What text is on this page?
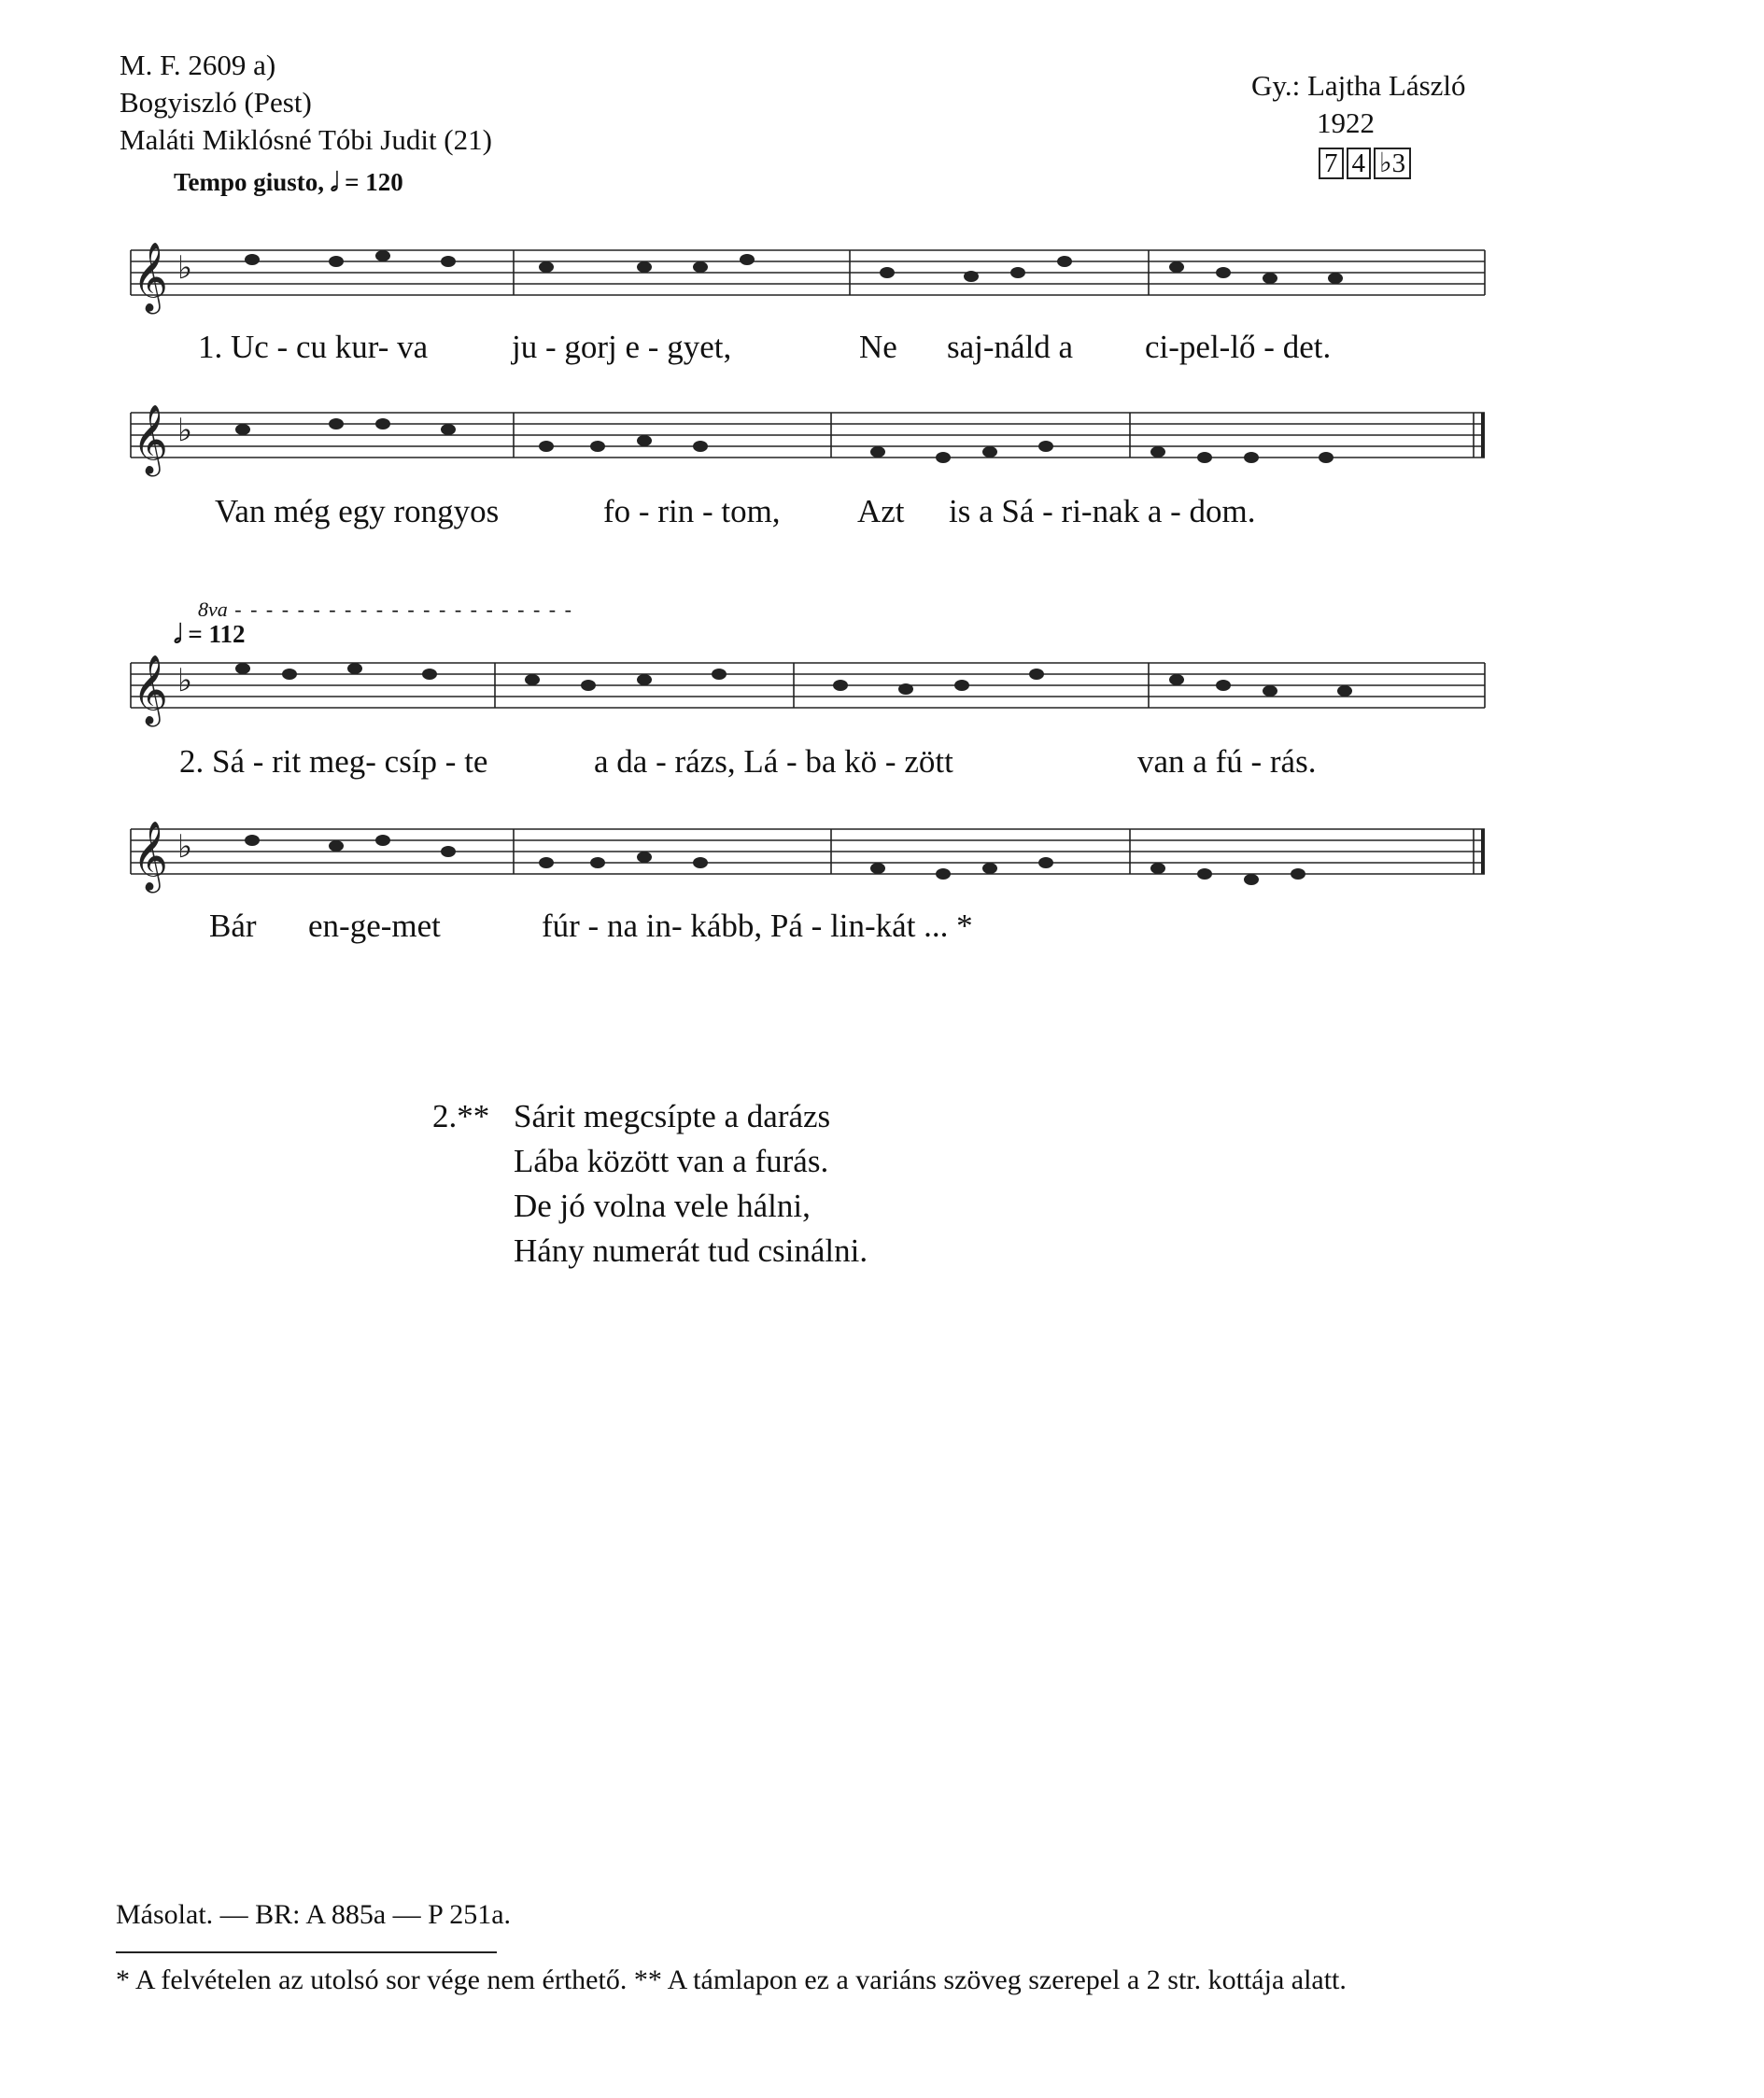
M. F. 2609 a)
Bogyiszló (Pest)
Maláti Miklósné Tóbi Judit (21)
Gy.: Lajtha László
1922
7 4 ♭3
Tempo giusto, 𝅗𝅥 = 120
𝄞 ♭
1. Uc - cu kur- va	ju - gorj e - gyet,	Ne saj-náld a ci-pel-lő - det.
𝄞 ♭
Van még egy rongyos	fo - rin - tom, Azt is a Sá - ri-nak a - dom.
8va - - - - - - - - - - - - - - - - - - - - - -
𝅗𝅥 = 112
𝄞 ♭
2. Sá - rit meg- csíp - te	a da - rázs, Lá - ba kö - zött	van a fú - rás.
𝄞 ♭
Bár en-ge-met	fúr - na in- kább, Pá - lin-kát ... *
2.** Sárit megcsípte a darázs
Lába között van a furás.
De jó volna vele hálni,
Hány numerát tud csinálni.
Másolat. — BR: A 885a — P 251a.
* A felvételen az utolsó sor vége nem érthető. ** A támlapon ez a variáns szöveg szerepel a 2 str. kottája alatt.
